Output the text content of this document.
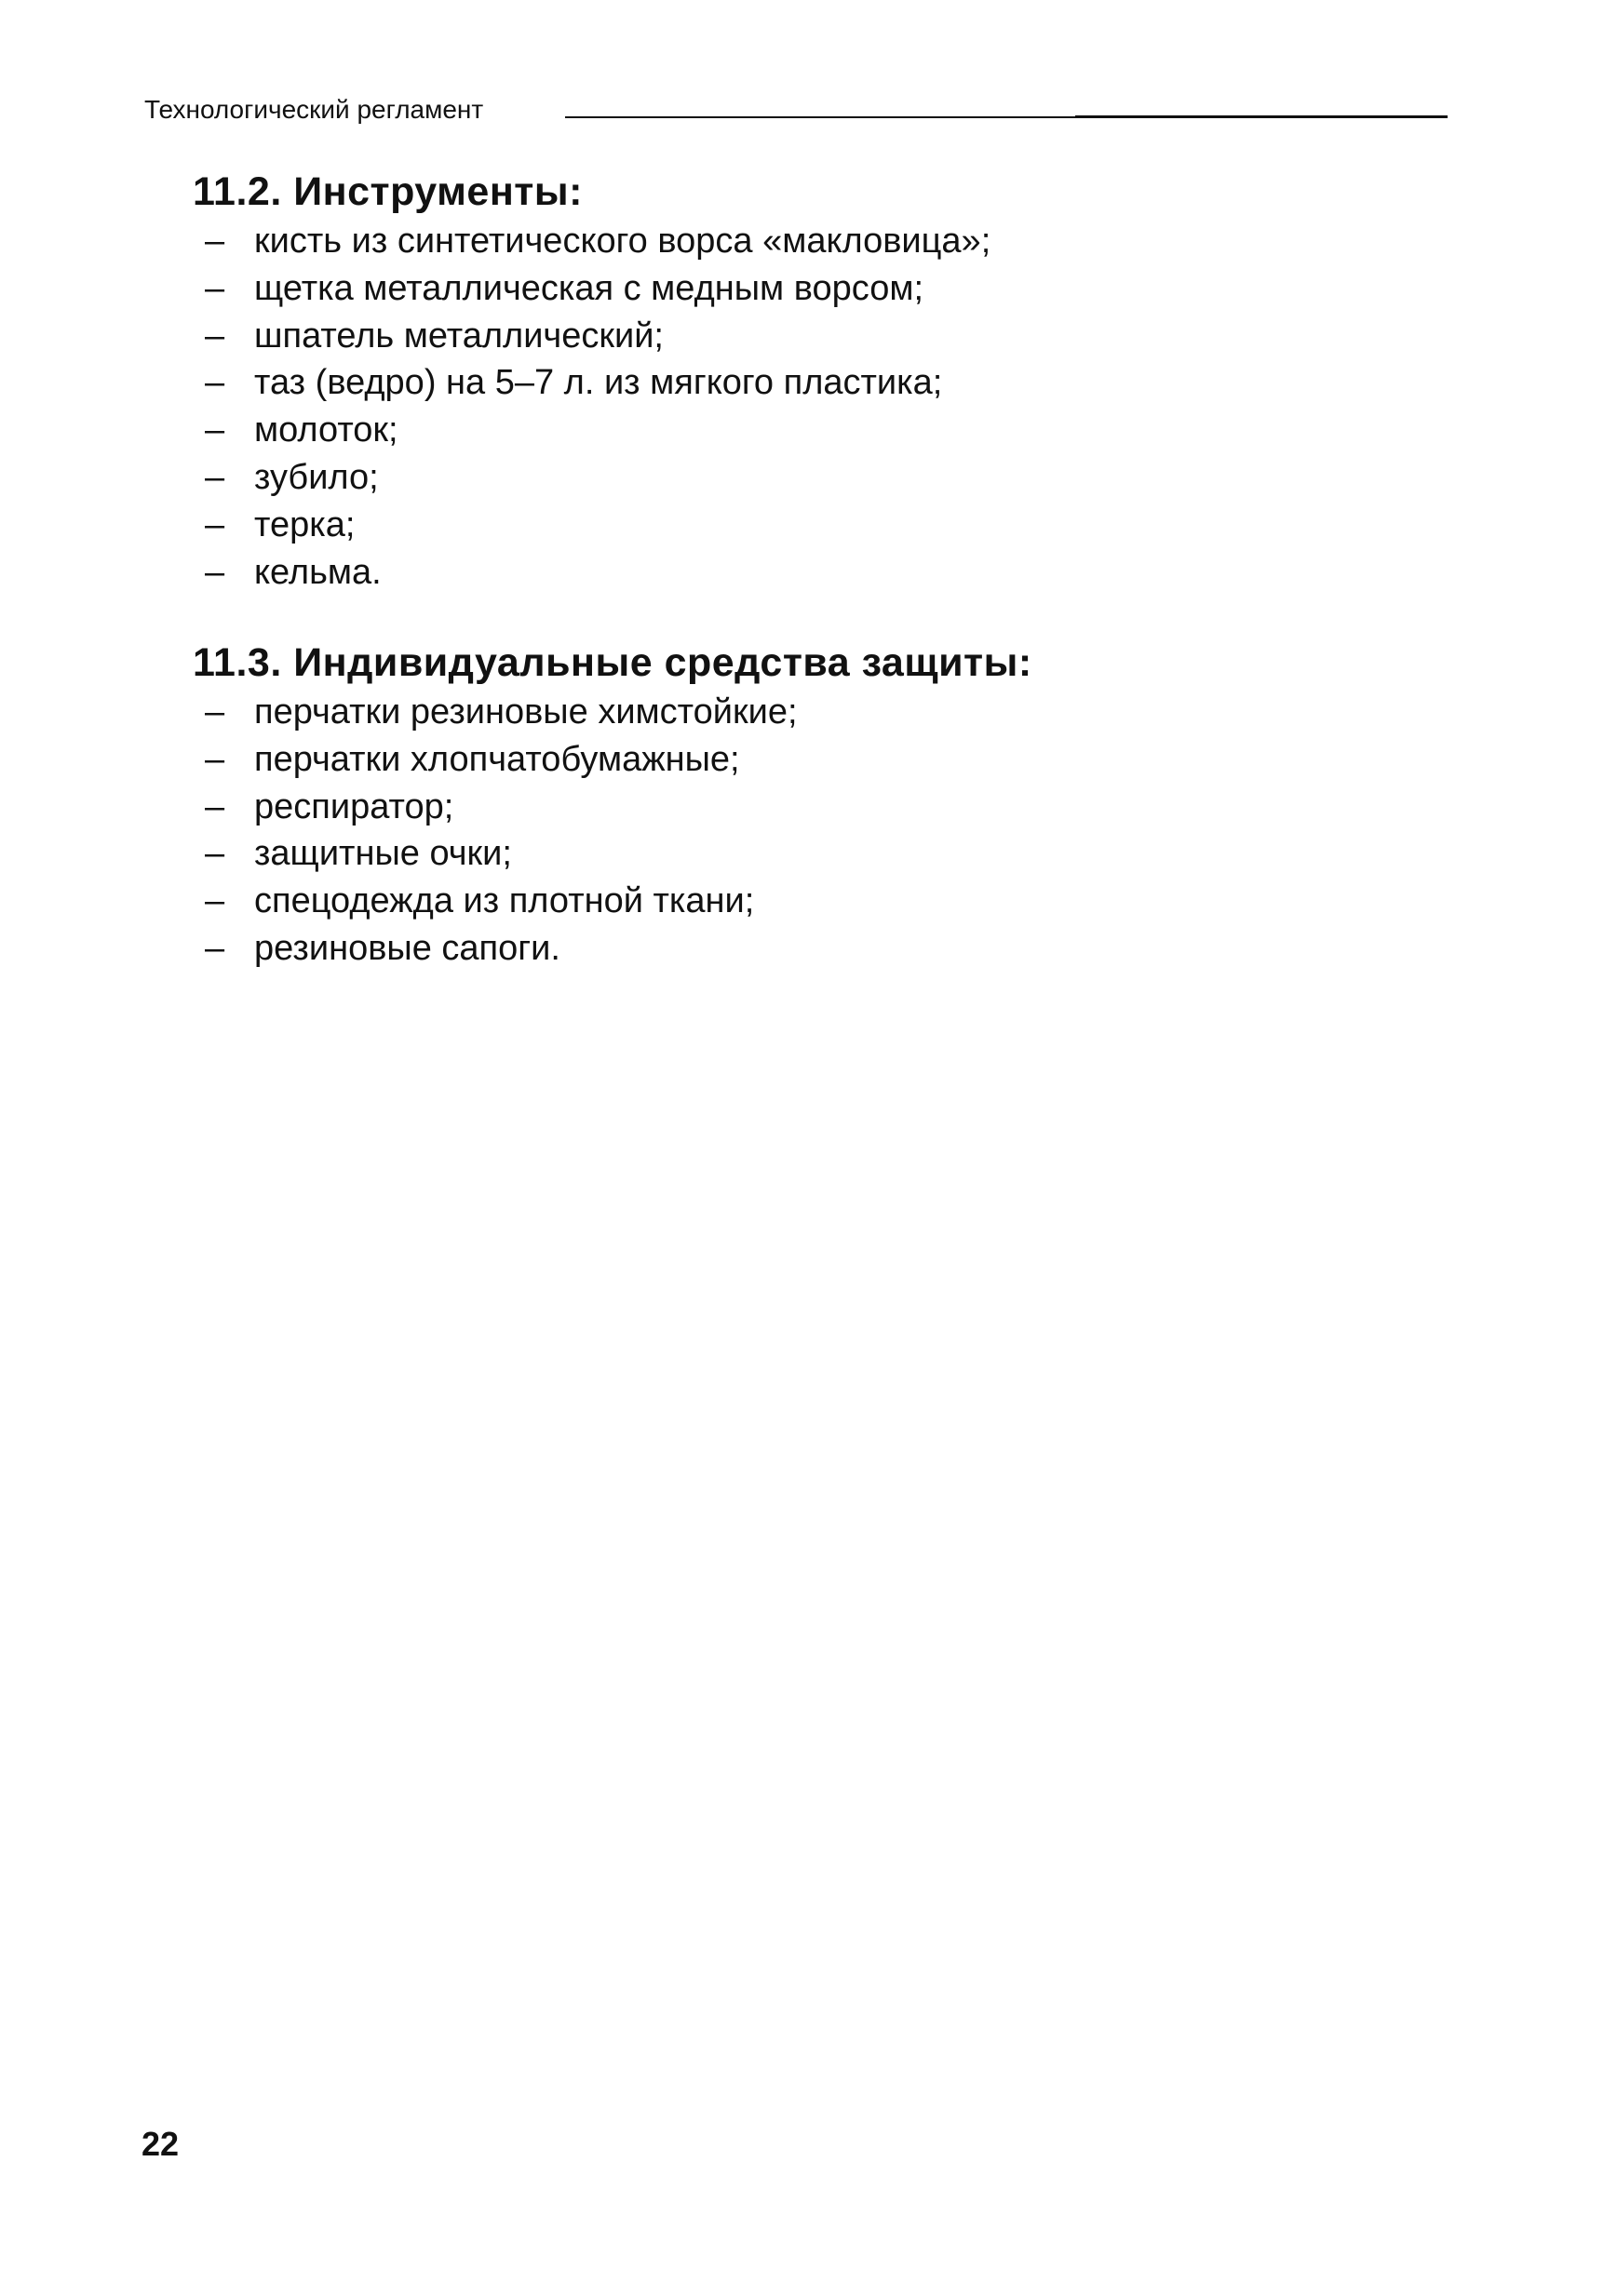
Технологический регламент
11.2. Инструменты:
– кисть из синтетического ворса «макловица»;
– щетка металлическая с медным ворсом;
– шпатель металлический;
– таз (ведро) на 5–7 л. из мягкого пластика;
– молоток;
– зубило;
– терка;
– кельма.
11.3. Индивидуальные средства защиты:
– перчатки резиновые химстойкие;
– перчатки хлопчатобумажные;
– респиратор;
– защитные очки;
– спецодежда из плотной ткани;
– резиновые сапоги.
22
